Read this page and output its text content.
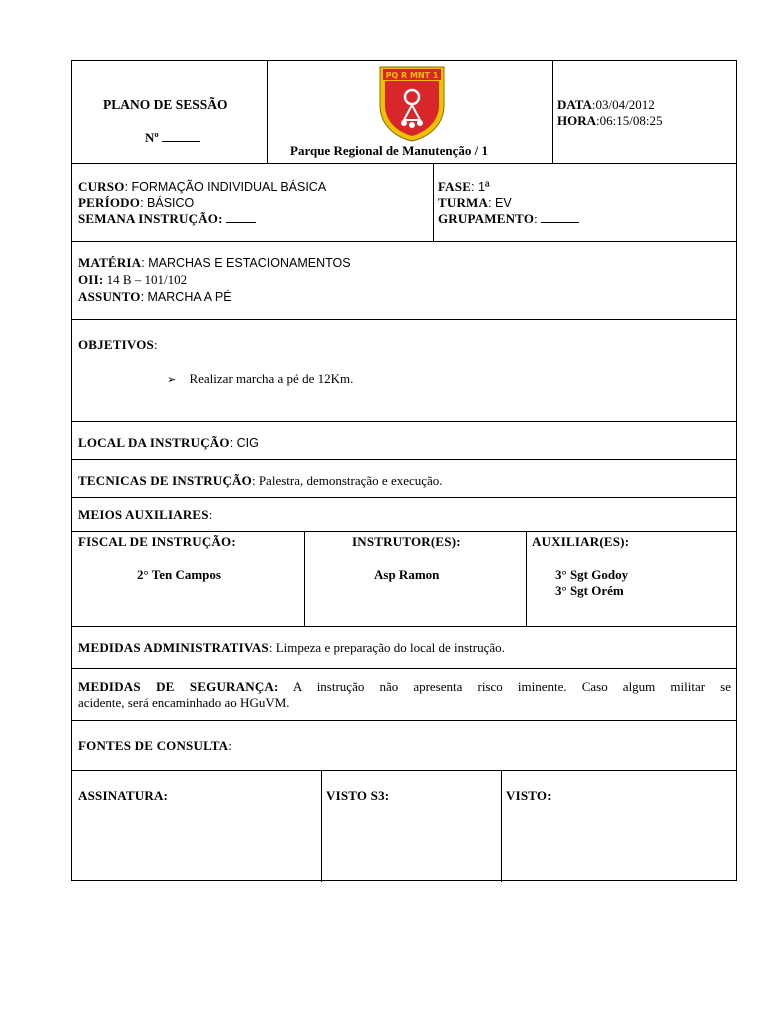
PLANO DE SESSÃO
Nº
PQ R MNT 1
Parque Regional de Manutenção / 1
DATA:03/04/2012
HORA:06:15/08:25
CURSO: FORMAÇÃO INDIVIDUAL BÁSICA
PERÍODO: BÁSICO
SEMANA INSTRUÇÃO:
FASE: 1ª
TURMA: EV
GRUPAMENTO:
MATÉRIA: MARCHAS E ESTACIONAMENTOS
OII: 14 B – 101/102
ASSUNTO: MARCHA A PÉ
OBJETIVOS:
➢ Realizar marcha a pé de 12Km.
LOCAL DA INSTRUÇÃO: CIG
TECNICAS DE INSTRUÇÃO: Palestra, demonstração e execução.
MEIOS AUXILIARES:
FISCAL DE INSTRUÇÃO:
2° Ten Campos
INSTRUTOR(ES):
Asp Ramon
AUXILIAR(ES):
3° Sgt Godoy
3° Sgt Orém
MEDIDAS ADMINISTRATIVAS: Limpeza e preparação do local de instrução.
MEDIDAS DE SEGURANÇA: A instrução não apresenta risco iminente. Caso algum militar se
acidente, será encaminhado ao HGuVM.
FONTES DE CONSULTA:
ASSINATURA:	VISTO S3:	VISTO:
